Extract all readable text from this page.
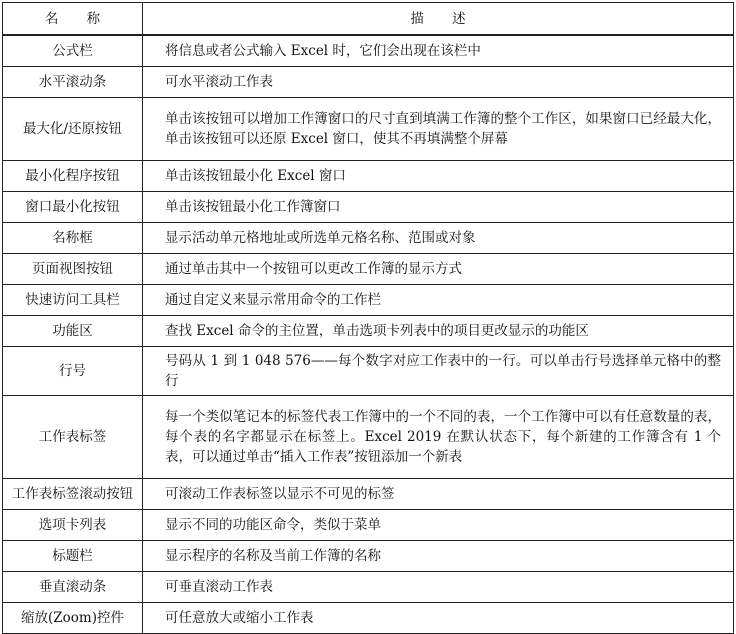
名 称	描 述
公式栏	将信息或者公式输入 Excel 时，它们会出现在该栏中
水平滚动条	可水平滚动工作表
最大化/还原按钮	单击该按钮可以增加工作簿窗口的尺寸直到填满工作簿的整个工作区，如果窗口已经最大化，单击该按钮可以还原 Excel 窗口，使其不再填满整个屏幕
最小化程序按钮	单击该按钮最小化 Excel 窗口
窗口最小化按钮	单击该按钮最小化工作簿窗口
名称框	显示活动单元格地址或所选单元格名称、范围或对象
页面视图按钮	通过单击其中一个按钮可以更改工作簿的显示方式
快速访问工具栏	通过自定义来显示常用命令的工作栏
功能区	查找 Excel 命令的主位置，单击选项卡列表中的项目更改显示的功能区
行号	号码从 1 到 1 048 576——每个数字对应工作表中的一行。可以单击行号选择单元格中的整行
工作表标签	每一个类似笔记本的标签代表工作簿中的一个不同的表，一个工作簿中可以有任意数量的表，每个表的名字都显示在标签上。Excel 2019 在默认状态下，每个新建的工作簿含有 1 个表，可以通过单击“插入工作表”按钮添加一个新表
工作表标签滚动按钮	可滚动工作表标签以显示不可见的标签
选项卡列表	显示不同的功能区命令，类似于菜单
标题栏	显示程序的名称及当前工作簿的名称
垂直滚动条	可垂直滚动工作表
缩放(Zoom)控件	可任意放大或缩小工作表
